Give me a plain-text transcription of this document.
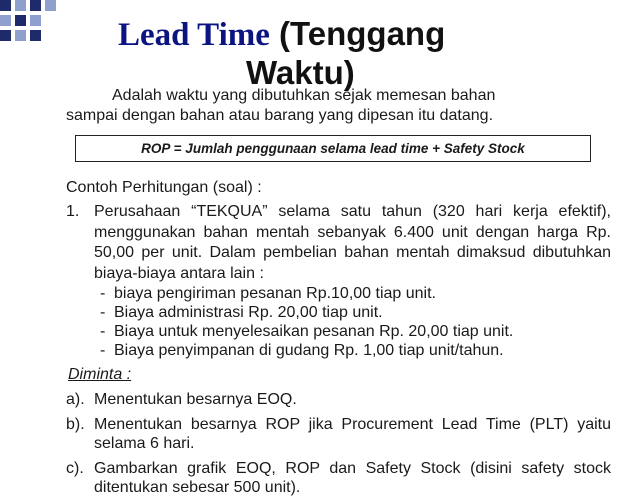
Lead Time (Tenggang
Waktu)
Adalah waktu yang dibutuhkan sejak memesan bahan
sampai dengan bahan atau barang yang dipesan itu datang.
ROP = Jumlah penggunaan selama lead time + Safety Stock
Contoh Perhitungan (soal) :
1. Perusahaan “TEKQUA” selama satu tahun (320 hari kerja efektif), menggunakan bahan mentah sebanyak 6.400 unit dengan harga Rp. 50,00 per unit. Dalam pembelian bahan mentah dimaksud dibutuhkan biaya-biaya antara lain :
- biaya pengiriman pesanan Rp.10,00 tiap unit.
- Biaya administrasi Rp. 20,00 tiap unit.
- Biaya untuk menyelesaikan pesanan Rp. 20,00 tiap unit.
- Biaya penyimpanan di gudang Rp. 1,00 tiap unit/tahun.
Diminta :
a). Menentukan besarnya EOQ.
b). Menentukan besarnya ROP jika Procurement Lead Time (PLT) yaitu selama 6 hari.
c). Gambarkan grafik EOQ, ROP dan Safety Stock (disini safety stock ditentukan sebesar 500 unit).
